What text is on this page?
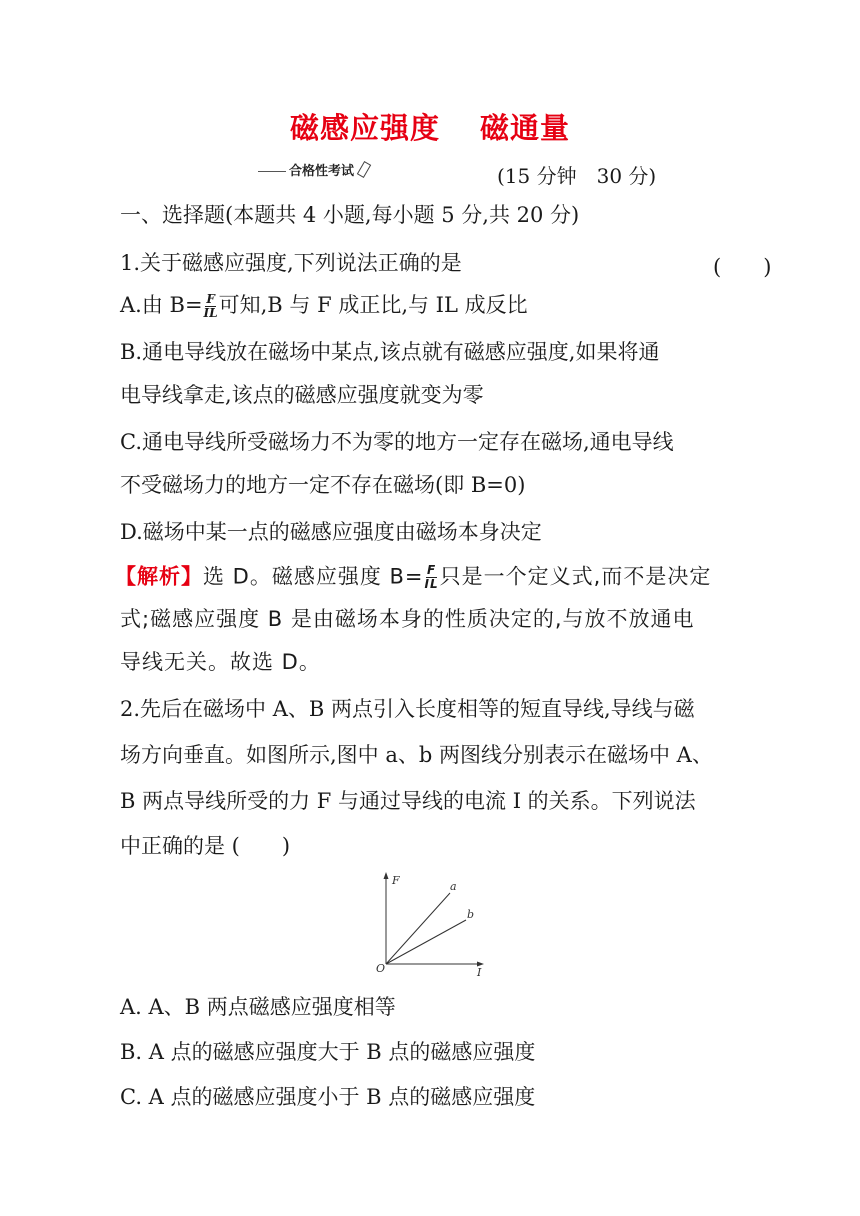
磁感应强度 磁通量
合格性考试	(15 分钟　30 分)
一、选择题(本题共 4 小题,每小题 5 分,共 20 分)
1.关于磁感应强度,下列说法正确的是	(　　)
A.由 $B= \frac{F}{IL}$ 可知,B 与 F 成正比,与 IL 成反比
B.通电导线放在磁场中某点,该点就有磁感应强度,如果将通
电导线拿走,该点的磁感应强度就变为零
C.通电导线所受磁场力不为零的地方一定存在磁场,通电导线
不受磁场力的地方一定不存在磁场(即 B=0)
D.磁场中某一点的磁感应强度由磁场本身决定
【解析】选 D。磁感应强度 $B= \frac{F}{IL}$ 只是一个定义式,而不是决定
式;磁感应强度 B 是由磁场本身的性质决定的,与放不放通电
导线无关。故选 D。
2.先后在磁场中 A、B 两点引入长度相等的短直导线,导线与磁
场方向垂直。如图所示,图中 a、b 两图线分别表示在磁场中 A、
B 两点导线所受的力 F 与通过导线的电流 I 的关系。下列说法
中正确的是 (　　)
F
I
O
a
b
A. A、B 两点磁感应强度相等
B. A 点的磁感应强度大于 B 点的磁感应强度
C. A 点的磁感应强度小于 B 点的磁感应强度
